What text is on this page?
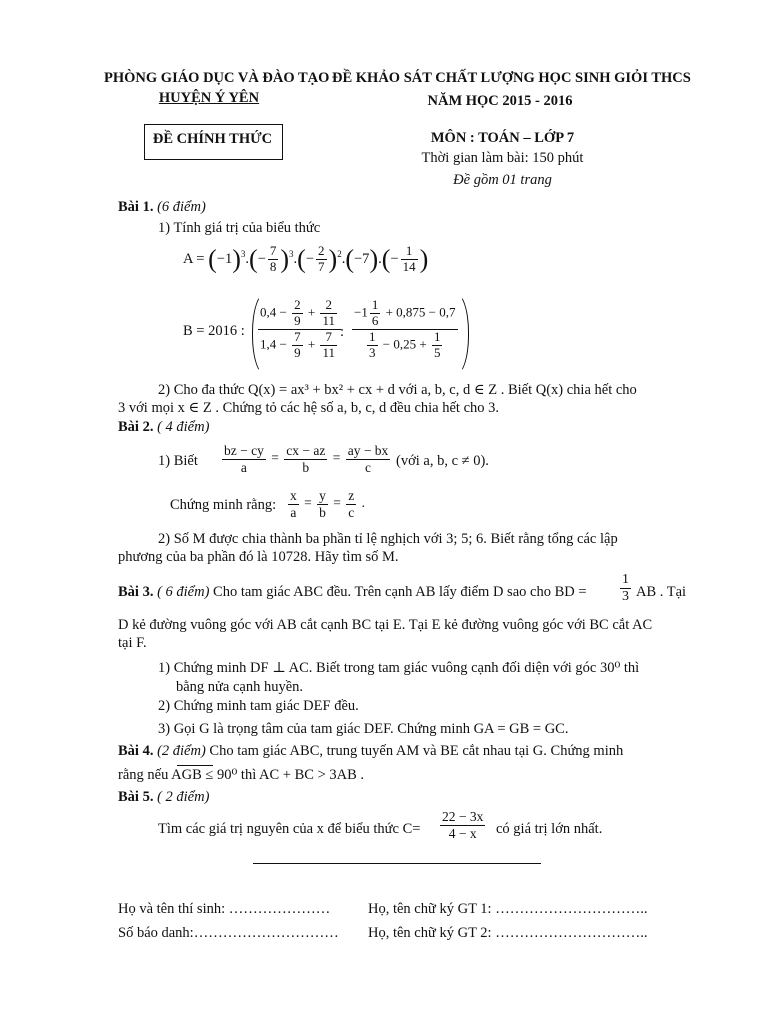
PHÒNG GIÁO DỤC VÀ ĐÀO TẠO
HUYỆN Ý YÊN
ĐỀ KHẢO SÁT CHẤT LƯỢNG HỌC SINH GIỎI THCS
NĂM HỌC 2015 - 2016
ĐỀ CHÍNH THỨC	MÔN : TOÁN – LỚP 7
Thời gian làm bài: 150 phút
Đề gồm 01 trang
Bài 1. (6 điểm)
1) Tính giá trị của biểu thức
$A = (-1)^3.(- \frac{7}{8} )^3.(- \frac{2}{7} )^2.(-7).(- \frac{1}{14}$ )
B = 2016 : $\frac{0,4 - \frac{2}{9} + \frac{2}{11}}{1,4 - \frac{7}{9} + \frac{7}{11}}$ : $\frac{-1 \frac{1}{6} + 0,875 - 0,7}{\frac{1}{3} - 0,25 + \frac{1}{5}}$
2) Cho đa thức Q(x) = ax³ + bx² + cx + d với a, b, c, d ∈ Z . Biết Q(x) chia hết cho
3 với mọi x ∈ Z . Chứng tỏ các hệ số a, b, c, d đều chia hết cho 3.
Bài 2. ( 4 điểm)
1) Biết $\frac{bz - cy}{a} = \frac{cx - az}{b} = \frac{ay - bx}{c}$ (với a, b, c ≠ 0).
Chứng minh rằng: $\frac{x}{a} = \frac{y}{b} = \frac{z}{c}$ .
2) Số M được chia thành ba phần tỉ lệ nghịch với 3; 5; 6. Biết rằng tổng các lập
phương của ba phần đó là 10728. Hãy tìm số M.
Bài 3. ( 6 điểm) Cho tam giác ABC đều. Trên cạnh AB lấy điểm D sao cho BD = $\frac{1}{3}$ AB . Tại
D kẻ đường vuông góc với AB cắt cạnh BC tại E. Tại E kẻ đường vuông góc với BC cắt AC
tại F.
1) Chứng minh DF ⊥ AC. Biết trong tam giác vuông cạnh đối diện với góc 30⁰ thì
bằng nửa cạnh huyền.
2) Chứng minh tam giác DEF đều.
3) Gọi G là trọng tâm của tam giác DEF. Chứng minh GA = GB = GC.
Bài 4. (2 điểm) Cho tam giác ABC, trung tuyến AM và BE cắt nhau tại G. Chứng minh
rằng nếu AGB ≤ 90⁰ thì AC + BC > 3AB .
Bài 5. ( 2 điểm)
Tìm các giá trị nguyên của x để biểu thức $C= \frac{22 - 3x}{4 - x}$ có giá trị lớn nhất.
Họ và tên thí sinh: …………………	Họ, tên chữ ký GT 1: …………………………..
Số báo danh:………………………… Họ, tên chữ ký GT 2: …………………………..
